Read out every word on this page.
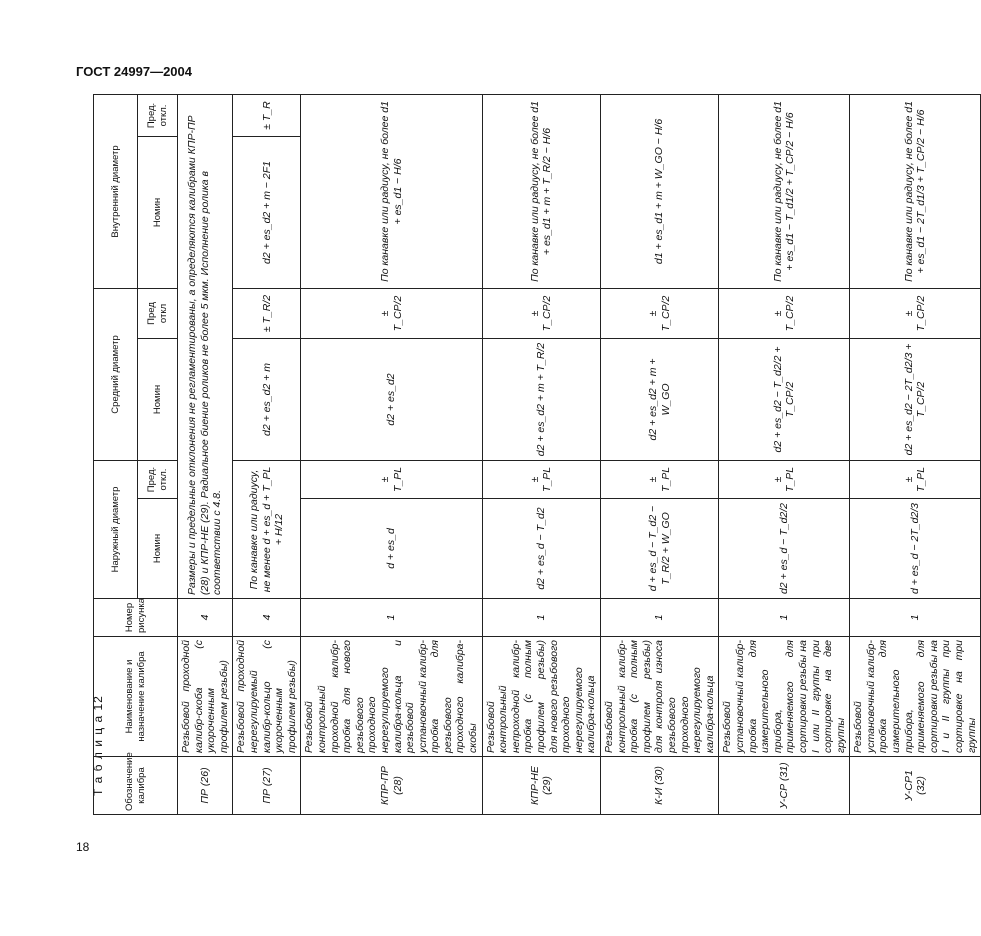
ГОСТ 24997—2004
Т а б л и ц а 12
18
Обозначение калибра	Наименование и назначение калибра	Номер рисунка	Наружный диаметр		Средний диаметр		Внутренний диаметр	
			Номин	Пред. откл.	Номин	Пред откл	Номин	Пред. откл.
ПР (26)	Резьбовой проходной калибр-скоба (с укороченным профилем резьбы)	4	Размеры и предельные отклонения не регламентированы, а определяются калибрами КПР-ПР (28) и КПР-НЕ (29). Радиальное биение роликов не более 5 мкм. Исполнение ролика в соответствии с 4.8.					
ПР (27)	Резьбовой проходной нерегулируемый калибр-кольцо (с укороченным профилем резьбы)	4	По канавке или радиусу, не менее d + es_d + T_PL + H/12		d2 + es_d2 + m	± T_R/2	d2 + es_d2 + m − 2F1	± T_R
КПР-ПР (28)	Резьбовой контрольный проходной калибр-пробка для нового резьбового проходного нерегулируемого калибра-кольца и резьбовой установочный калибр-пробка для резьбового проходного калибра-скобы	1	d + es_d	± T_PL	d2 + es_d2	± T_CP/2	По канавке или радиусу, не более d1 + es_d1 − H/6	
КПР-НЕ (29)	Резьбовой контрольный непроходной калибр-пробка (с полным профилем резьбы) для нового резьбового проходного нерегулируемого калибра-кольца	1	d2 + es_d − T_d2	± T_PL	d2 + es_d2 + m + T_R/2	± T_CP/2	По канавке или радиусу, не более d1 + es_d1 + m + T_R/2 − H/6	
К-И (30)	Резьбовой контрольный калибр-пробка (с полным профилем резьбы) для контроля износа резьбового проходного нерегулируемого калибра-кольца	1	d + es_d − T_d2 − T_R/2 + W_GO	± T_PL	d2 + es_d2 + m + W_GO	± T_CP/2	d1 + es_d1 + m + W_GO − H/6	
У-СР (31)	Резьбовой установочный калибр-пробка для измерительного прибора, применяемого для сортировки резьбы на I или II группы при сортировке на две группы	1	d2 + es_d − T_d2/2	± T_PL	d2 + es_d2 − T_d2/2 + T_CP/2	± T_CP/2	По канавке или радиусу, не более d1 + es_d1 − T_d1/2 + T_CP/2 − H/6	
У-СР1 (32)	Резьбовой установочный калибр-пробка для измерительного прибора, применяемого для сортировки резьбы на I и II группы при сортировке на три группы	1	d + es_d − 2T_d2/3	± T_PL	d2 + es_d2 − 2T_d2/3 + T_CP/2	± T_CP/2	По канавке или радиусу, не более d1 + es_d1 − 2T_d1/3 + T_CP/2 − H/6	
